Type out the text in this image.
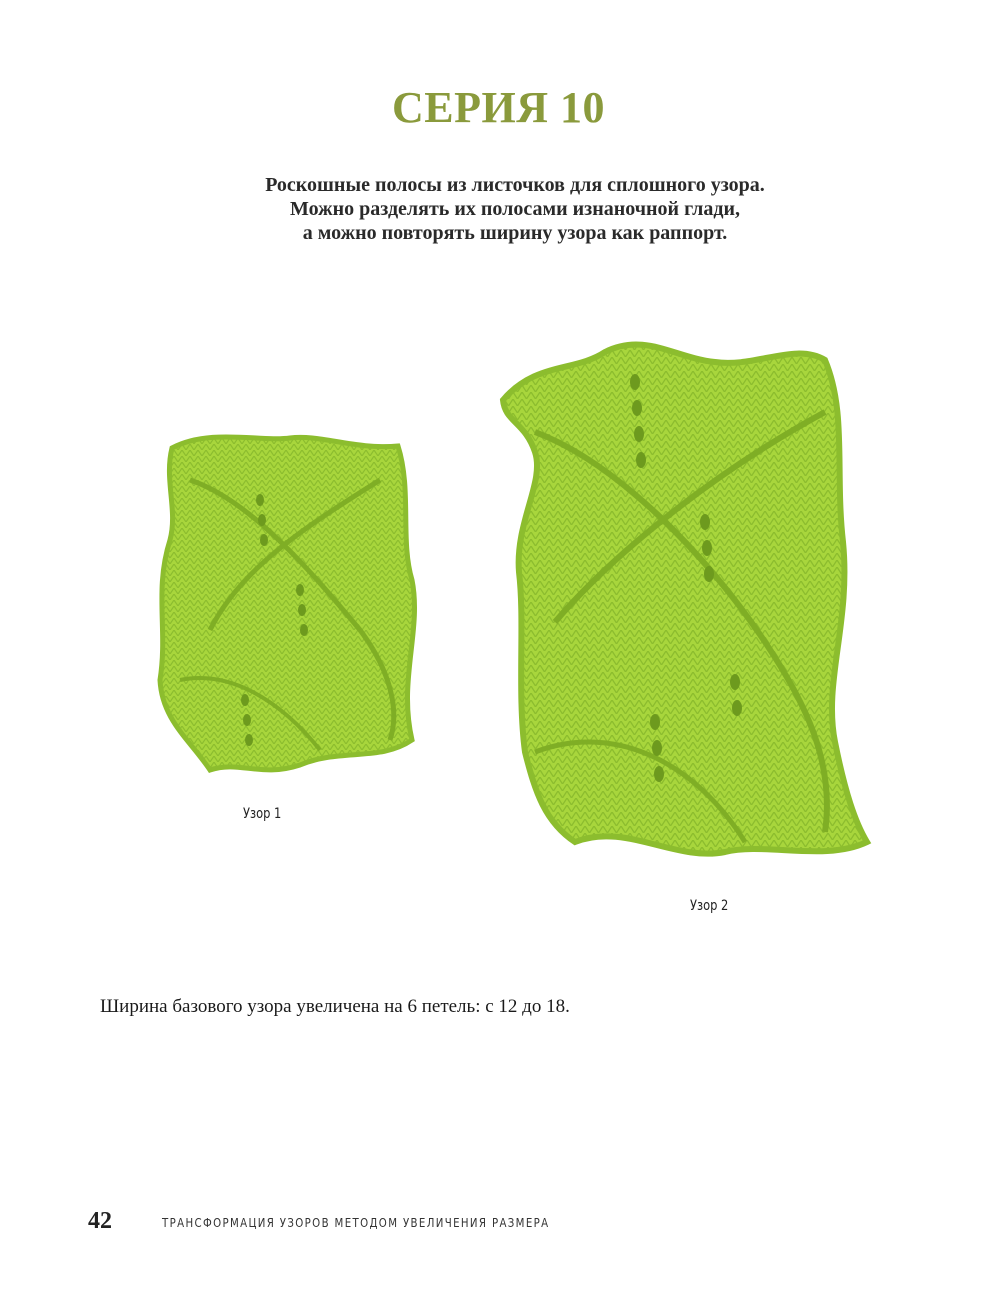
СЕРИЯ 10
Роскошные полосы из листочков для сплошного узора.
Можно разделять их полосами изнаночной глади,
а можно повторять ширину узора как раппорт.
Узор 1
Узор 2
Ширина базового узора увеличена на 6 петель: с 12 до 18.
42	ТРАНСФОРМАЦИЯ УЗОРОВ МЕТОДОМ УВЕЛИЧЕНИЯ РАЗМЕРА
